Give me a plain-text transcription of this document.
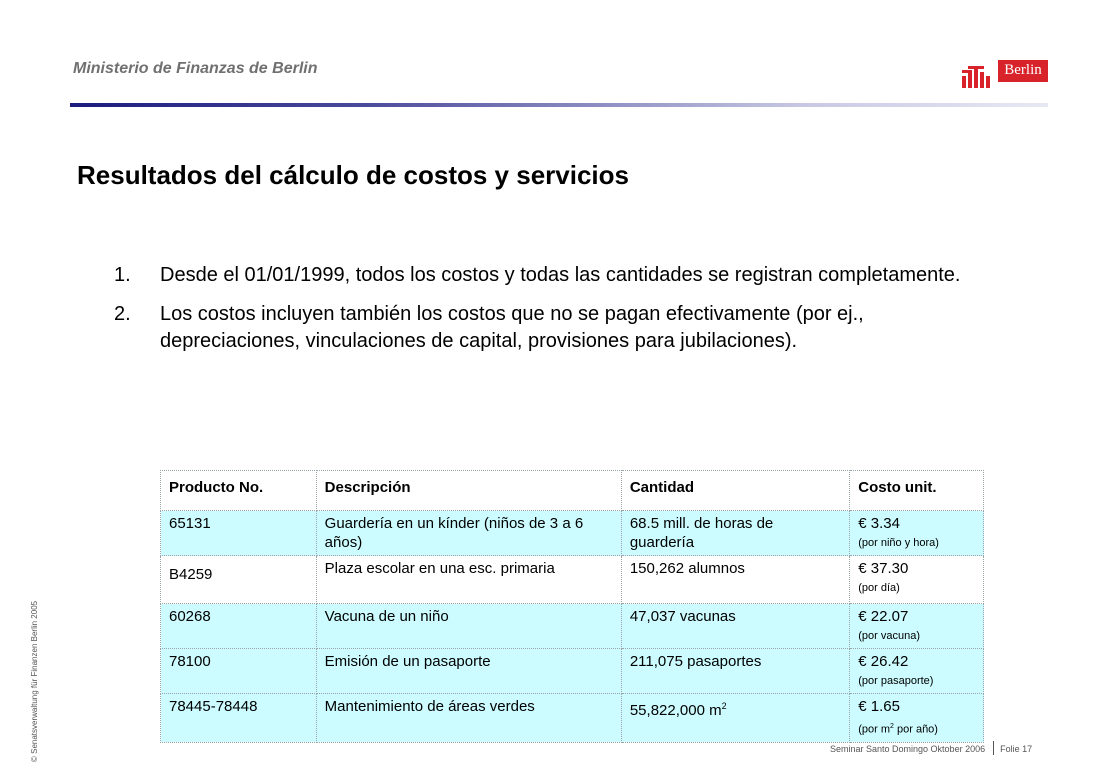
Ministerio de Finanzas de Berlin	Berlin
Resultados del cálculo de costos y servicios
1. Desde el 01/01/1999, todos los costos y todas las cantidades se registran completamente.
2. Los costos incluyen también los costos que no se pagan efectivamente (por ej., depreciaciones, vinculaciones de capital, provisiones para jubilaciones).
Producto No.	Descripción	Cantidad	Costo unit.
65131	Guardería en un kínder (niños de 3 a 6 años)	68.5 mill. de horas de guardería	€ 3.34
(por niño y hora)

B4259	Plaza escolar en una esc. primaria	150,262 alumnos	€ 37.30
(por día)

60268	Vacuna de un niño	47,037 vacunas	€ 22.07
(por vacuna)

78100	Emisión de un pasaporte	211,075 pasaportes	€ 26.42
(por pasaporte)

78445-78448	Mantenimiento de áreas verdes	55,822,000 $m^2$	€ 1.65
(por $m^2$ por año)
© Senatsverwaltung für Finanzen Berlin 2005	Seminar Santo Domingo Oktober 2006 Folie 17
